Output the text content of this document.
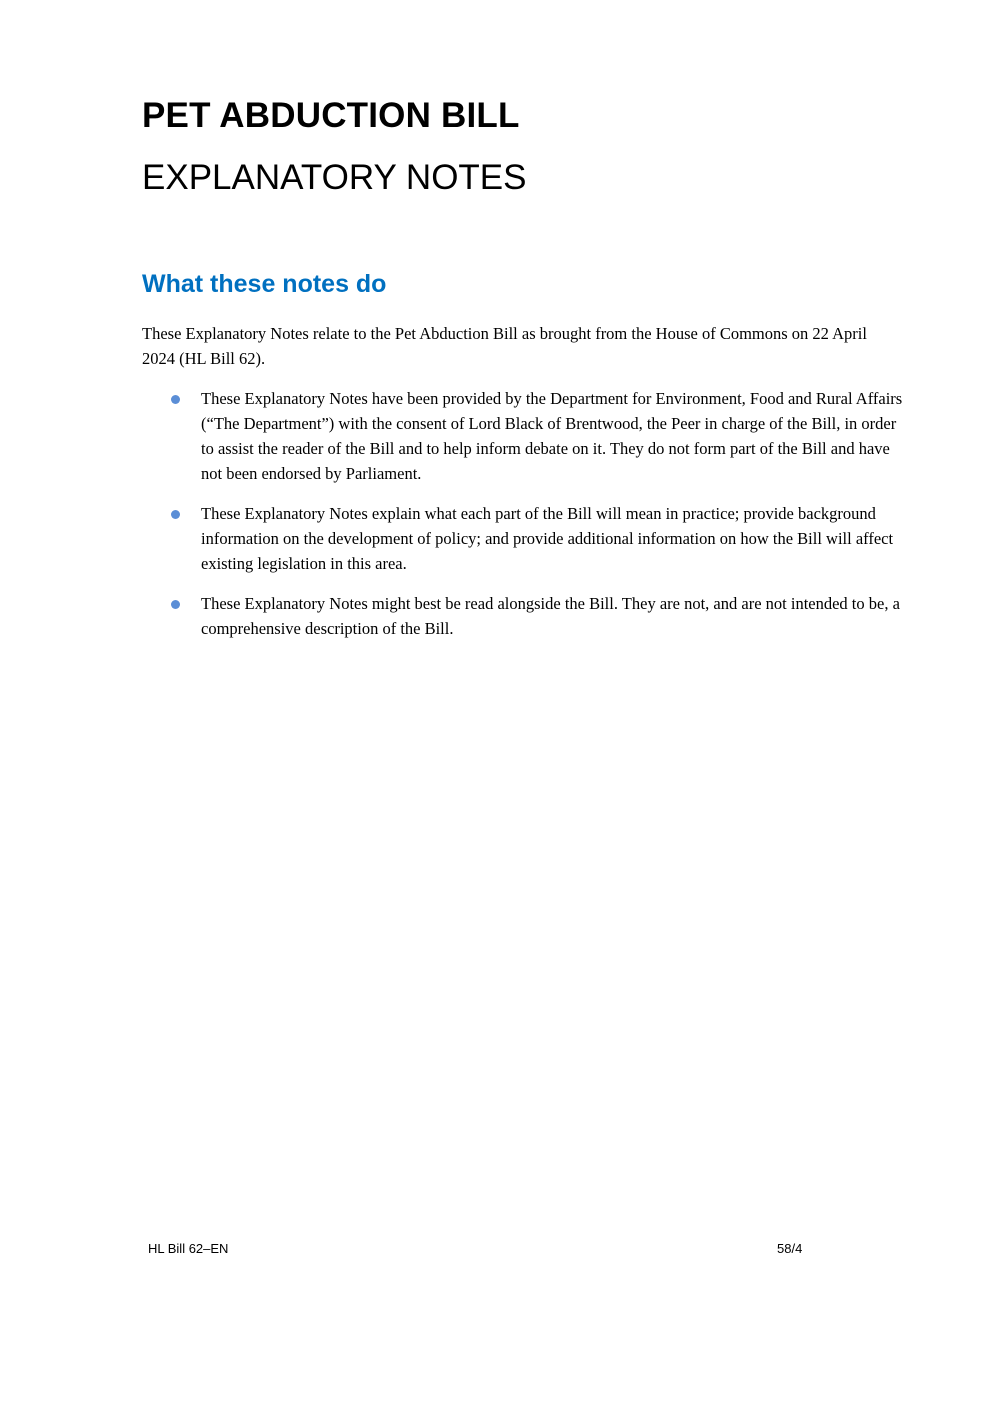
PET ABDUCTION BILL
EXPLANATORY NOTES
What these notes do

These Explanatory Notes relate to the Pet Abduction Bill as brought from the House of Commons on 22 April 2024 (HL Bill 62).

These Explanatory Notes have been provided by the Department for Environment, Food and Rural Affairs (“The Department”) with the consent of Lord Black of Brentwood, the Peer in charge of the Bill, in order to assist the reader of the Bill and to help inform debate on it. They do not form part of the Bill and have not been endorsed by Parliament.
These Explanatory Notes explain what each part of the Bill will mean in practice; provide background information on the development of policy; and provide additional information on how the Bill will affect existing legislation in this area.
These Explanatory Notes might best be read alongside the Bill. They are not, and are not intended to be, a comprehensive description of the Bill.
HL Bill 62–EN	58/4
